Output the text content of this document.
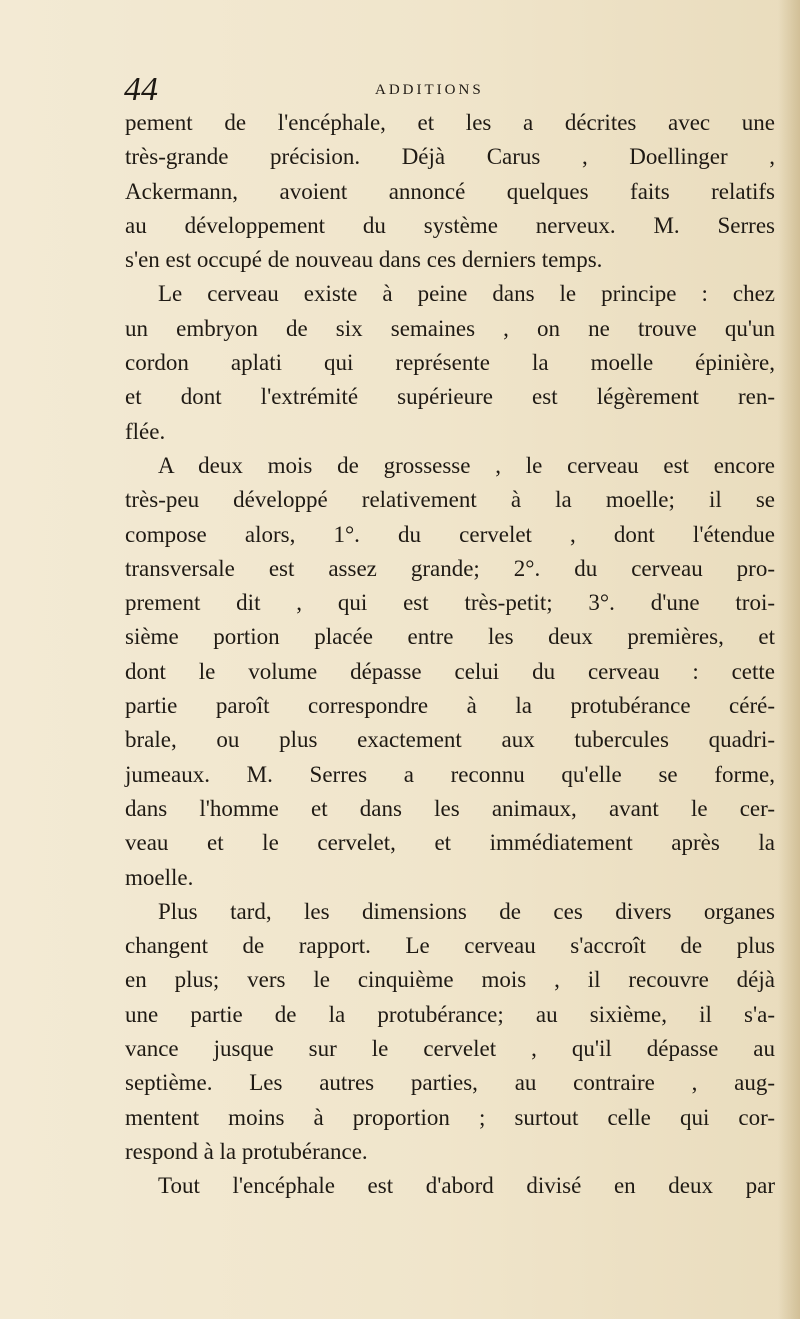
44	ADDITIONS
pement de l'encéphale, et les a décrites avec une
très-grande précision. Déjà Carus , Doellinger ,
Ackermann, avoient annoncé quelques faits relatifs
au développement du système nerveux. M. Serres
s'en est occupé de nouveau dans ces derniers temps.
Le cerveau existe à peine dans le principe : chez
un embryon de six semaines , on ne trouve qu'un
cordon aplati qui représente la moelle épinière,
et dont l'extrémité supérieure est légèrement ren-
flée.
A deux mois de grossesse , le cerveau est encore
très-peu développé relativement à la moelle; il se
compose alors, 1°. du cervelet , dont l'étendue
transversale est assez grande; 2°. du cerveau pro-
prement dit , qui est très-petit; 3°. d'une troi-
sième portion placée entre les deux premières, et
dont le volume dépasse celui du cerveau : cette
partie paroît correspondre à la protubérance céré-
brale, ou plus exactement aux tubercules quadri-
jumeaux. M. Serres a reconnu qu'elle se forme,
dans l'homme et dans les animaux, avant le cer-
veau et le cervelet, et immédiatement après la
moelle.
Plus tard, les dimensions de ces divers organes
changent de rapport. Le cerveau s'accroît de plus
en plus; vers le cinquième mois , il recouvre déjà
une partie de la protubérance; au sixième, il s'a-
vance jusque sur le cervelet , qu'il dépasse au
septième. Les autres parties, au contraire , aug-
mentent moins à proportion ; surtout celle qui cor-
respond à la protubérance.
Tout l'encéphale est d'abord divisé en deux par
